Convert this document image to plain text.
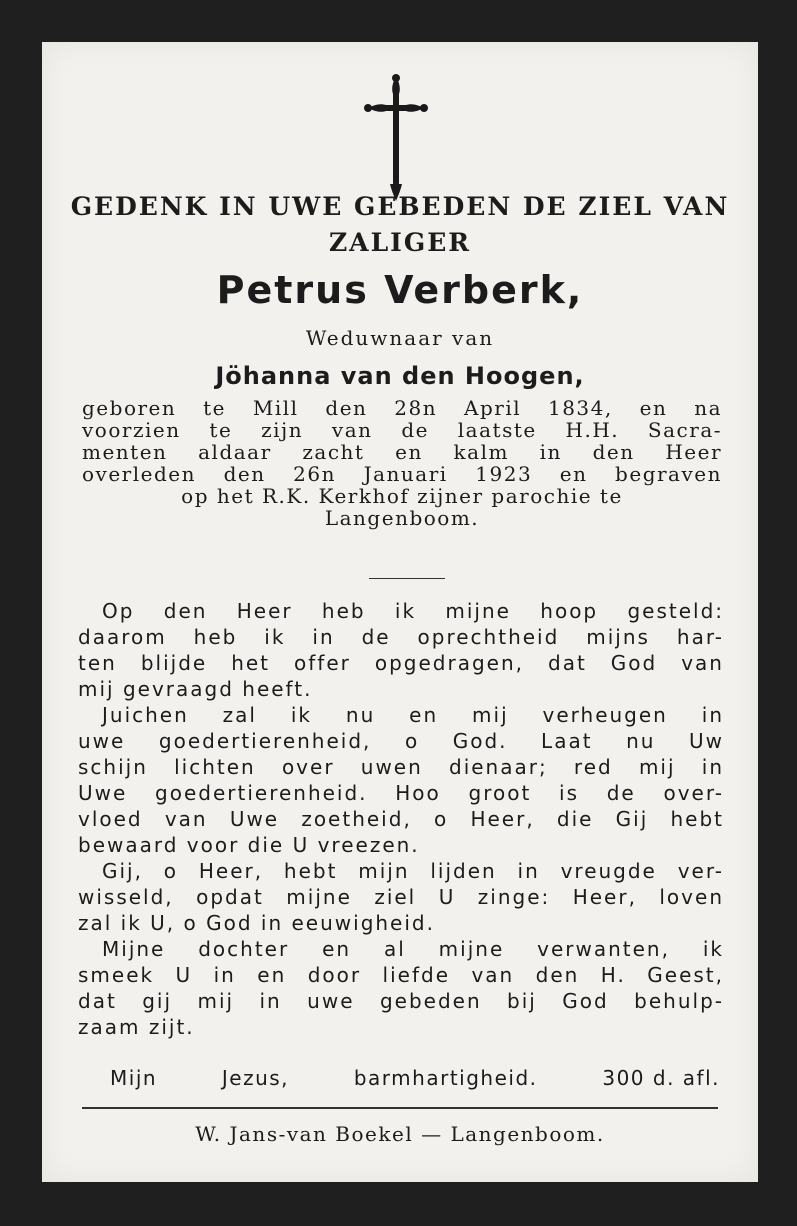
GEDENK IN UWE GEBEDEN DE ZIEL VAN
ZALIGER
Petrus Verberk,
Weduwnaar van
Jöhanna van den Hoogen,
geboren te Mill den 28n April 1834, en na
voorzien te zijn van de laatste H.H. Sacra-
menten aldaar zacht en kalm in den Heer
overleden den 26n Januari 1923 en begraven
op het R.K. Kerkhof zijner parochie te
Langenboom.
Op den Heer heb ik mijne hoop gesteld:
daarom heb ik in de oprechtheid mijns har-
ten blijde het offer opgedragen, dat God van
mij gevraagd heeft.
Juichen zal ik nu en mij verheugen in
uwe goedertierenheid, o God. Laat nu Uw
schijn lichten over uwen dienaar; red mij in
Uwe goedertierenheid. Hoo groot is de over-
vloed van Uwe zoetheid, o Heer, die Gij hebt
bewaard voor die U vreezen.
Gij, o Heer, hebt mijn lijden in vreugde ver-
wisseld, opdat mijne ziel U zinge: Heer, loven
zal ik U, o God in eeuwigheid.
Mijne dochter en al mijne verwanten, ik
smeek U in en door liefde van den H. Geest,
dat gij mij in uwe gebeden bij God behulp-
zaam zijt.
Mijn	Jezus,	barmhartigheid.	300 d. afl.
W. Jans-van Boekel — Langenboom.
